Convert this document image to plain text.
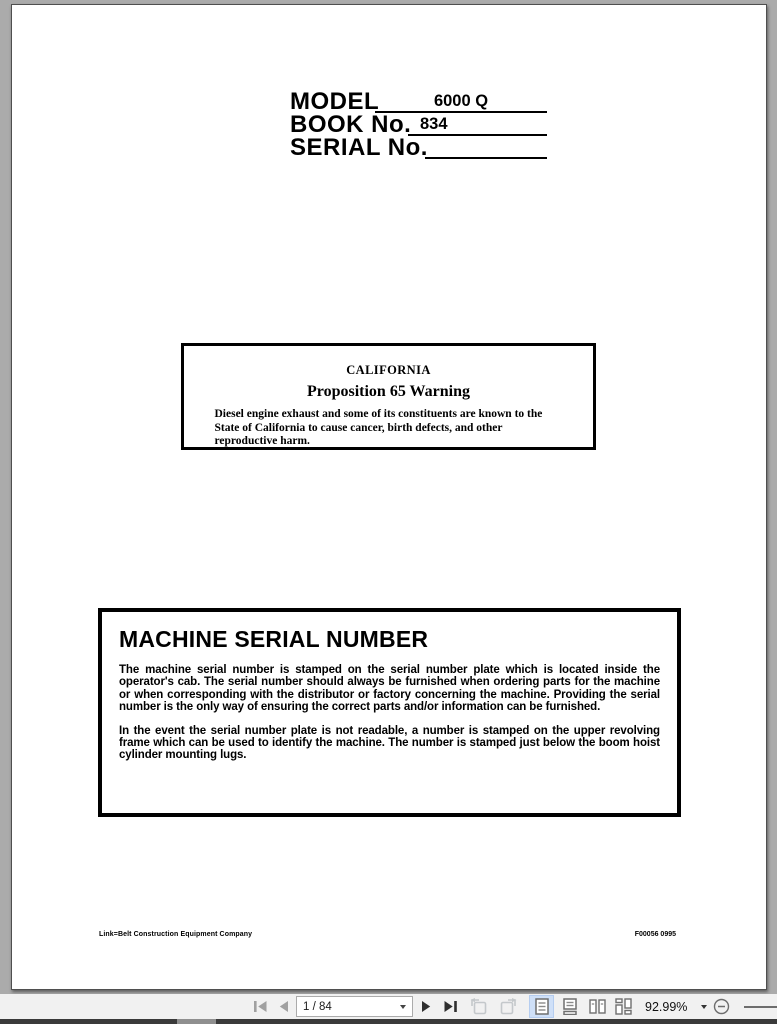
MODEL	6000 Q
BOOK No. 834
SERIAL No.
CALIFORNIA
Proposition 65 Warning
Diesel engine exhaust and some of its constituents are known to the State of California to cause cancer, birth defects, and other reproductive harm.
MACHINE SERIAL NUMBER
The machine serial number is stamped on the serial number plate which is located inside the operator's cab. The serial number should always be furnished when ordering parts for the machine or when corresponding with the distributor or factory concerning the machine. Providing the serial number is the only way of ensuring the correct parts and/or information can be furnished.
In the event the serial number plate is not readable, a number is stamped on the upper revolving frame which can be used to identify the machine. The number is stamped just below the boom hoist cylinder mounting lugs.
Link=Belt Construction Equipment Company	F00056 0995
1 / 84	92.99%
